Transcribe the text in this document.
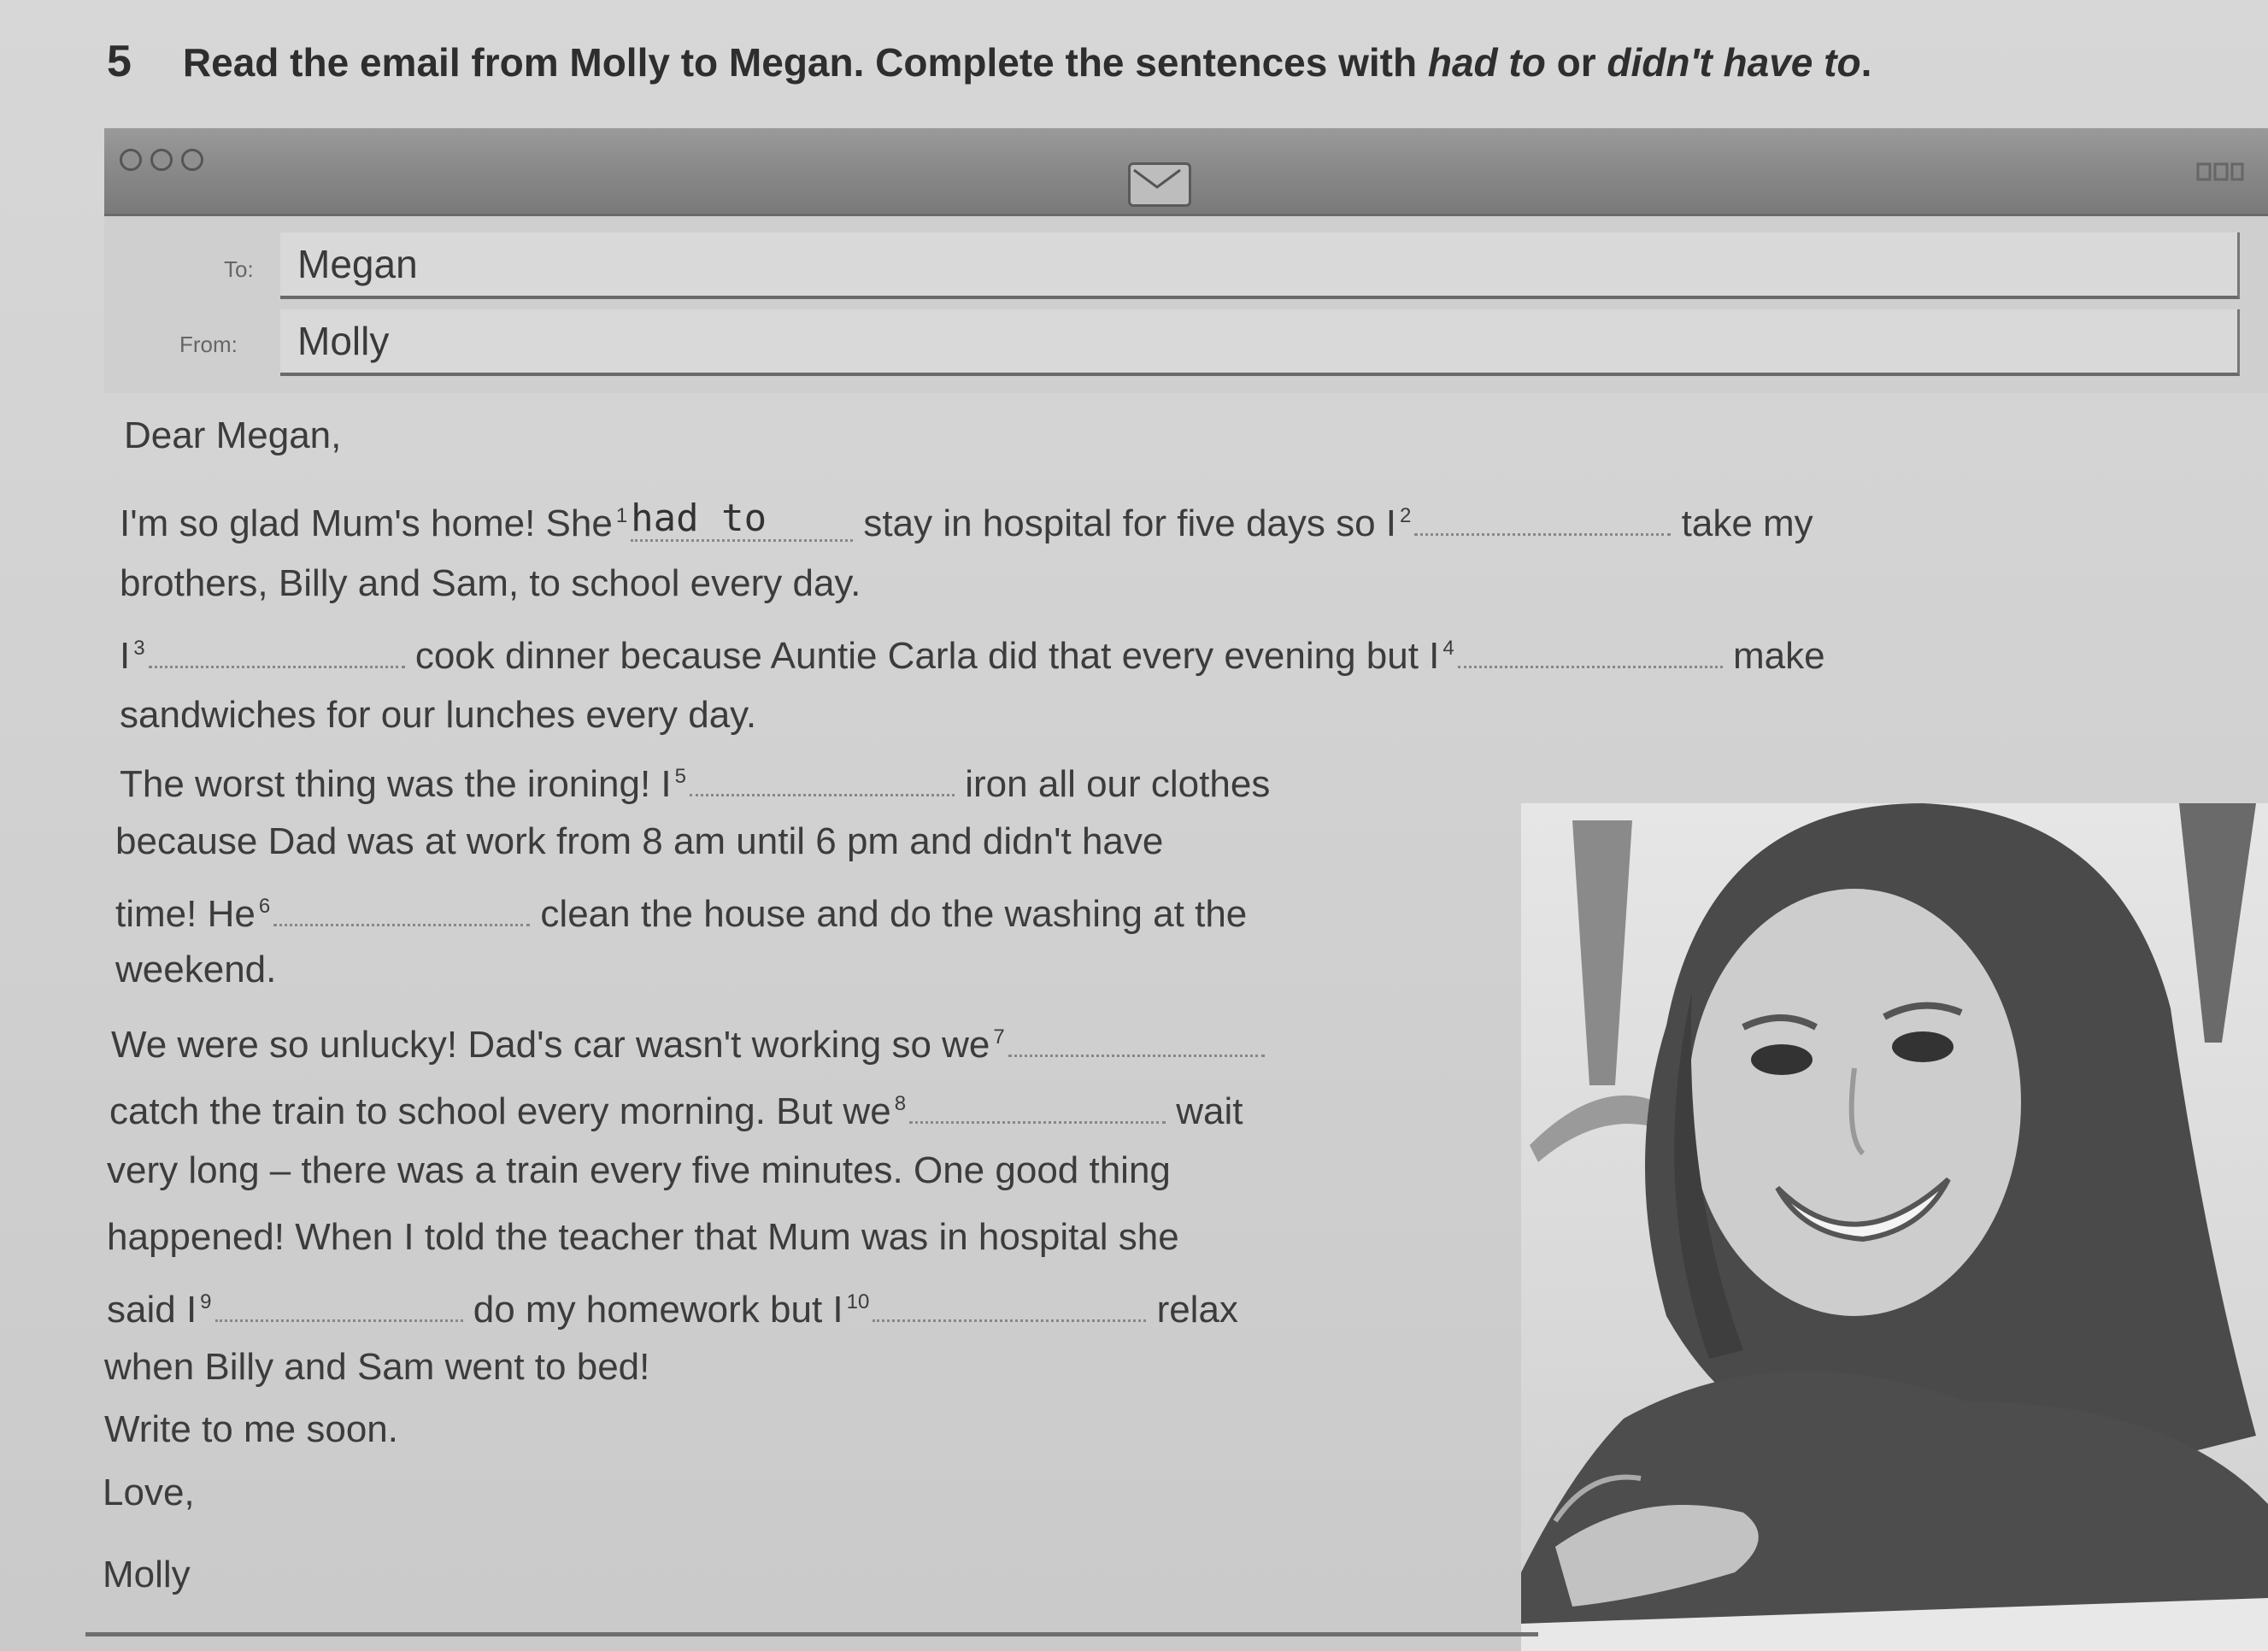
5 Read the email from Molly to Megan. Complete the sentences with had to or didn't have to.
To: Megan
From: Molly
Dear Megan,
I'm so glad Mum's home! She $^1$had to	stay in hospital for five days so I $^2$	take my
brothers, Billy and Sam, to school every day.
I $^3$	cook dinner because Auntie Carla did that every evening but I $^4$	make
sandwiches for our lunches every day.
The worst thing was the ironing! I $^5$	iron all our clothes
because Dad was at work from 8 am until 6 pm and didn't have
time! He $^6$	clean the house and do the washing at the
weekend.
We were so unlucky! Dad's car wasn't working so we $^7$
catch the train to school every morning. But we $^8$	wait
very long – there was a train every five minutes. One good thing
happened! When I told the teacher that Mum was in hospital she
said I $^9$	do my homework but I $^{10}$	relax
when Billy and Sam went to bed!
Write to me soon.
Love,
Molly
